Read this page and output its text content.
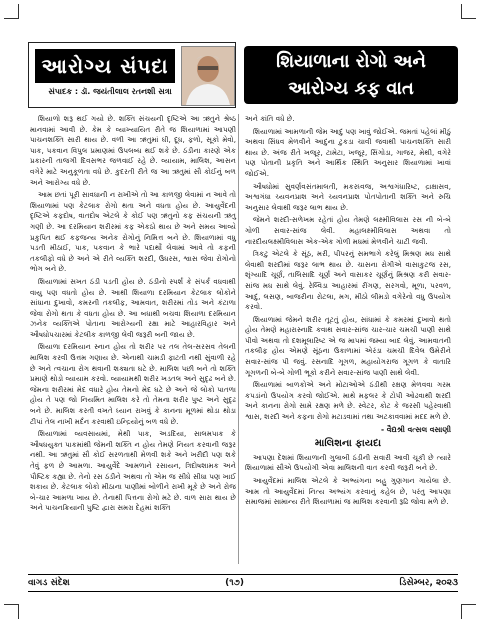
આરોગ્ય સંપદા
સંપાદક : ડૉ. જયંતીલાલ રતનશી સત્રા
શિયાળાના રોગો અને
આરોગ્ય કફ વાત

શિયાળો શરૂ થઈ ગયો છે. શક્તિ સંચયની દૃષ્ટિએ આ ઋતુને શ્રેષ્ઠ માનવામાં આવી છે. કેમ કે વ્યાખ્યાયિત રીતે જ શિયાળામાં આપણી પાચનશક્તિ સારી થાય છે. વળી આ ઋતુમાં ઘી, દૂધ, ફળો, સૂકો મેવો, પાક, પકવાન વિપુલ પ્રમાણમાં ઉપલબ્ધ થઈ શકે છે. ઠંડીના કારણે એક પ્રકારની તાજગી દિવસભર જળવાઈ રહે છે. વ્યાયામ, માલિશ, આસન વગેરે માટે અનુકૂળતા વધે છે. કુદરતી રીતે જ આ ઋતુમાં સૌ કોઈનું બળ અને આરોગ્ય વધે છે.

આમ છતાં પૂરી સાવધાની ન રાખીએ તો આ કાળજી લેવામાં ન આવે તો શિયાળામાં પણ કેટલાક રોગો થતા અને વધતા હોય છે. આયુર્વેદની દૃષ્ટિએ કફદોષ, વાતદોષ એટલે કે કોઈ પણ ઋતુનો કફ સંચયની ઋતુ ગણી છે. આ દરમિયાન શરીરમાં કફ એકઠો થાય છે અને સમય આવ્યે પ્રકુપિત થઈ કફજન્ય અનેક રોગોનું નિમિત્ત બને છે. શિયાળામાં વધુ પડતી મીઠાઈ, પાક, પકવાન કે ભારે પદાર્થો લેવામાં આવે તો કફની તકલીફો વધે છે અને એ રીતે વ્યક્તિ શરદી, ઉધરસ, શ્વાસ જેવા રોગોનો ભોગ બને છે.

શિયાળામાં સખત ઠંડી પડતી હોય છે. ઠંડીનો સ્પર્શ કે સંપર્ક વધવાથી વાયુ પણ વધતો હોય છે. આથી શિયાળા દરમિયાન કેટલાક લોકોને સાંધાના દુખાવો, કમરની તકલીફ, આમવાત, શરીરમાં તોડ અને કંટાળા જેવા રોગો થતા કે વધતા હોય છે. આ બધાથી બચવા શિયાળા દરમિયાન ઝનેક વ્યક્તિએ પોતાના આરોગ્યની રક્ષા માટે આહારવિહાર અને ઔષધોપચારમાં કેટલીક કાળજી લેવી જરૂરી બની જાય છે.

શિયાળા દરમિયાન સ્નાન હોય તો શરીર પર તલ તેલ-સરસવ તેલની માલિશ કરવી ઉત્તમ ગણાય છે. એનાથી ચામડી ફાટતી નથી સુંવાળી રહે છે અને ત્વચાના રોગ થવાની શક્યતા ઘટે છે. માલિશ પછી બને તો શક્તિ પ્રમાણે થોડો વ્યાયામ કરવો. વ્યાયામથી શરીર ખડતલ અને સુદૃઢ બને છે. જેમના શરીરમાં મેદ વધારે હોય તેમનો મેદ ઘટે છે અને જે લોકો પાતળા હોય તે પણ જો નિયમિત માલિશ કરે તો તેમના શરીર પુષ્ટ અને સુદૃઢ બને છે. માલિશ કરતી વખતે ધ્યાન રાખવું કે કાનના મૂળમાં થોડા થોડા ટીપાં તેલ નાખી મર્દન કરવાથી ઇન્દ્રિયોનું બળ વધે છે.

શિયાળામાં વ્યવસાયમાં, મેથી પાક, અડદિયા, સાલમપાક કે ઔષધયુક્ત પાકમાંથી જેમની શક્તિ ન હોય તેમણે નિયત કરવાની જરૂર નથી. આ ઋતુમાં સૌ કોઈ સરળતાથી મેળવી શકે અને ખરીદી પણ શકે તેવું ફળ છે આમળા. આયુર્વેદે આમળાને રસાયન, ત્રિદોષશામક અને પૌષ્ટિક કહ્યા છે. તેનો રસ ઠંડીને અથવા તો એમ જ સીધે સીધા પણ ખાઈ શકાય છે. કેટલાક લોકો મીઠાના પાણીમાં બોળીને રાખી મૂકે છે અને રોજ બે-ચાર આમળા ખાય છે. તેનાથી પિત્તના રોગો મટે છે. વાળ સારા થાય છે અને પાચનક્રિયાની પુષ્ટિ દ્વારા સમગ્ર દેહમાં શક્તિ

અને કાંતિ વધે છે.

શિયાળામાં આમળાની જેમ આદું પણ ખાવું જોઈએ. જમતાં પહેલાં મીઠું અથવા સિંધવ મેળવીને આદુંના ટુકડા ચાવી જવાથી પાચનશક્તિ સારી થાય છે. અંજ રીતે ખજૂર, ટામેટા, ખજૂર, સિંગોડા, ગાજર, મેથી, વગેરે પણ પોતાની પ્રકૃતિ અને આર્થિક સ્થિતિ અનુસાર શિયાળામાં ખાવાં જોઈએ.

ઔષધોમાં સુવર્ણવસંતમાલતી, મકરધ્વજ, અશ્વગંધારિષ્ટ, દ્રાક્ષાસવ, અશ્વગંધા ચ્યવનપ્રાશ અને ચ્યવનપ્રાશ પોતપોતાની શક્તિ અને રુચિ અનુસાર લેવાથી જરૂર લાભ થાય છે.

જેમને શરદી-સળેખમ રહેતાં હોય તેમણે લક્ષ્મીવિલાસ રસ ની બે-બે ગોળી સવાર-સાંજ લેવી. મહાલક્ષ્મીવિલાસ અથવા તો નારદીયલક્ષ્મીવિલાસ એક-એક ગોળી મધમાં મેળવીને ચાટી જવી.

ત્રિકટુ એટલે કે સૂંઠ, મરી, પીપરનું સમભાગે કરેલું મિશ્રણ મધ સાથે લેવાથી શરદીમાં જરૂર લાભ થાય છે. ચાસના રોગીએ વાસાકુટજ રસ, શૃંગ્યાદિ ચૂર્ણ, તાલિસાદિ ચૂર્ણ અને વાસાકર ચૂર્ણનું મિશ્રણ કરી સવાર-સાંજ મધ સાથે લેવું. રેલ્વિડા આહારમાં રીંગણ, સરગવો, મૂળા, પરવળ, આદું, લસણ, બાજરીના રોટલા, મગ, મીઠો લીમડો વગેરેનો વધુ ઉપયોગ કરવો.

શિયાળામાં જેમને શરીર તૂટતું હોય, સાંધામાં કે કમરમાં દુખાવો થતો હોય તેમણે મહારાસ્નાદિ કવાથ સવાર-સાંજ ચાર-ચાર ચમચી પાણી સાથે પીવો અથવા તો દશમૂલારિષ્ટ એ જ માપમાં જમ્યા બાદ લેવું. આમવાતની તકલીફ હોય એમણે સૂંઠના ઉકાળામાં એરંડા ચમચી દિવેલ ઉમેરીને સવાર-સાંજ પી જવું. રસનાદિ ગૂગળ, મહાયોગરાજ ગૂગળ કે વાતારિ ગૂગળની બે-બે ગોળી ભૂકો કરીને સવાર-સાંજ પાણી સાથે લેવી.

શિયાળામાં બાળકોએ અને મોટાઓએ ઠંડીથી રક્ષણ મેળવવા ગરમ કપડાંનો ઉપયોગ કરવો જોઈએ. માથે મફલર કે ટોપી ઓઢવાથી શરદી અને કાનના રોગો સામે રક્ષણ મળે છે. સ્વેટર, કોટ કે જરસી પહેરવાથી શ્વાસ, શરદી અને કફના રોગો મટાડવામાં તથા અટકાવવામાં મદદ મળે છે.

- વૈદ્યશ્રી વત્સલ વસાણી
માલિશના ફાયદા

આપણા દેશમાં શિયાળાની ગુલાબી ઠંડીની સવારી આવી ચૂકી છે ત્યારે શિયાળામાં સૌએ ઉપયોગી એવા માલિશની વાત કરવી જરૂરી બને છે.

આયુર્વેદમાં માલિશ એટલે કે અભ્યંગના બહુ ગુણગાન ગાયેલા છે. આમ તો આયુર્વેદમાં નિત્ય અભ્યંગ કરવાનું કહેલ છે, પરંતુ આપણા સમાજમાં સામાન્ય રીતે શિયાળામાં જ માલિશ કરવાની રૂઢિ જોવા મળે છે.

વાગડ સંદેશ	(૧૭)	ડિસેમ્બર, ૨૦૨૩
